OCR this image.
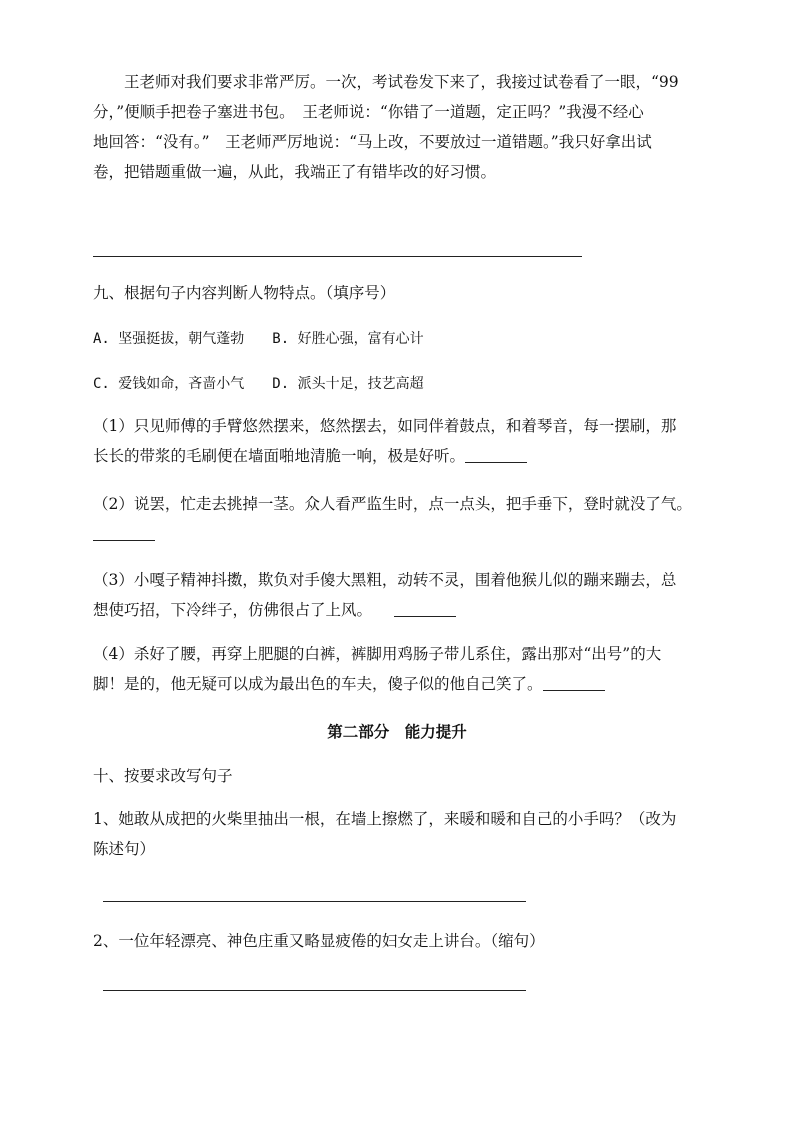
王老师对我们要求非常严厉。一次，考试卷发下来了，我接过试卷看了一眼，“99
分，”便顺手把卷子塞进书包。　王老师说：“你错了一道题，定正吗？”我漫不经心
地回答：“没有。”　王老师严厉地说：“马上改，不要放过一道错题。”我只好拿出试
卷，把错题重做一遍，从此，我端正了有错毕改的好习惯。
九、根据句子内容判断人物特点。（填序号）
A. 坚强挺拔，朝气蓬勃 B. 好胜心强，富有心计
C. 爱钱如命，吝啬小气 D. 派头十足，技艺高超
（1）只见师傅的手臂悠然摆来，悠然摆去，如同伴着鼓点，和着琴音，每一摆刷，那
长长的带浆的毛刷便在墙面啪地清脆一响，极是好听。
（2）说罢，忙走去挑掉一茎。众人看严监生时，点一点头，把手垂下，登时就没了气。
（3）小嘎子精神抖擞，欺负对手傻大黑粗，动转不灵，围着他猴儿似的蹦来蹦去，总
想使巧招，下冷绊子，仿佛很占了上风。
（4）杀好了腰，再穿上肥腿的白裤，裤脚用鸡肠子带儿系住，露出那对“出号”的大
脚！是的，他无疑可以成为最出色的车夫，傻子似的他自己笑了。
第二部分　能力提升
十、按要求改写句子
1、她敢从成把的火柴里抽出一根，在墙上擦燃了，来暖和暖和自己的小手吗？（改为
陈述句）
2、一位年轻漂亮、神色庄重又略显疲倦的妇女走上讲台。（缩句）
